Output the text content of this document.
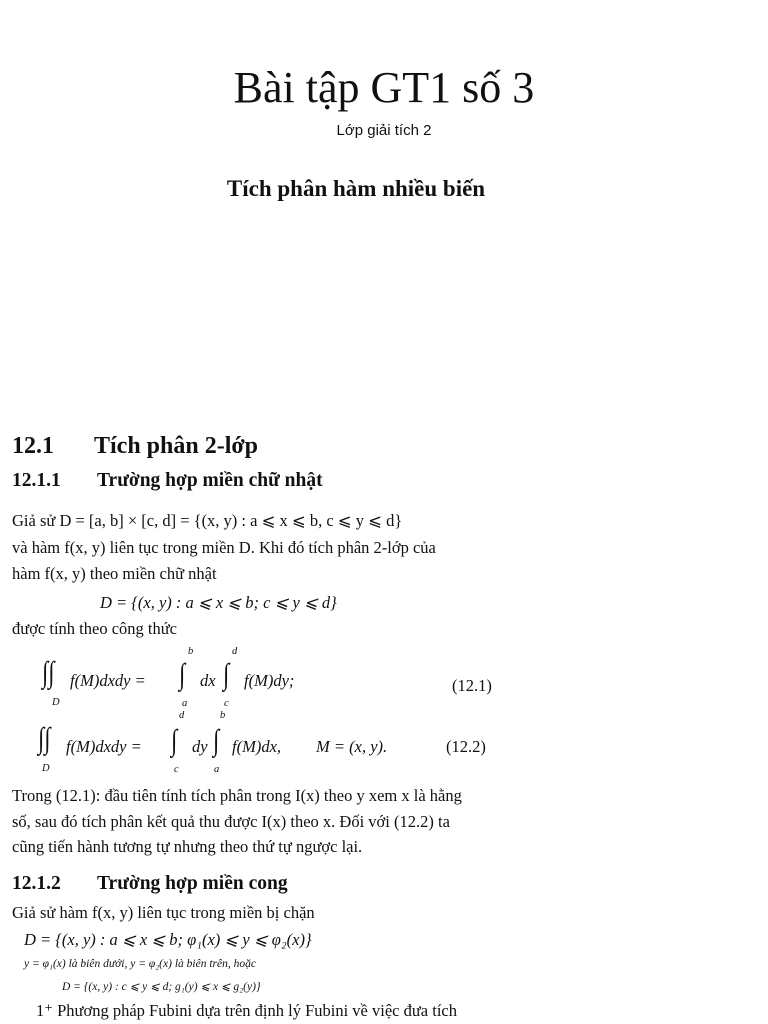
Bài tập GT1 số 3
Lớp giải tích 2
Tích phân hàm nhiều biến
12.1 Tích phân 2-lớp
12.1.1 Trường hợp miền chữ nhật
Giả sử D = [a, b] × [c, d] = {(x, y) : a ⩽ x ⩽ b, c ⩽ y ⩽ d}
và hàm f(x, y) liên tục trong miền D. Khi đó tích phân 2-lớp của
hàm f(x, y) theo miền chữ nhật
D = {(x, y) : a ⩽ x ⩽ b; c ⩽ y ⩽ d}
được tính theo công thức
∫∫
D
f(M)dxdy =
b
∫
a
dx
d
∫
c
f(M)dy;	(12.1)
∫∫
D
f(M)dxdy =
d
∫
c
dy
b
∫
a
f(M)dx, M = (x, y).	(12.2)
Trong (12.1): đầu tiên tính tích phân trong I(x) theo y xem x là hằng
số, sau đó tích phân kết quả thu được I(x) theo x. Đối với (12.2) ta
cũng tiến hành tương tự nhưng theo thứ tự ngược lại.
12.1.2 Trường hợp miền cong
Giả sử hàm f(x, y) liên tục trong miền bị chặn
D = {(x, y) : a ⩽ x ⩽ b; φ₁(x) ⩽ y ⩽ φ₂(x)}
y = φ₁(x) là biên dưới, y = φ₂(x) là biên trên, hoặc
D = {(x, y) : c ⩽ y ⩽ d; g₁(y) ⩽ x ⩽ g₂(y)}
1⁺ Phương pháp Fubini dựa trên định lý Fubini về việc đưa tích
